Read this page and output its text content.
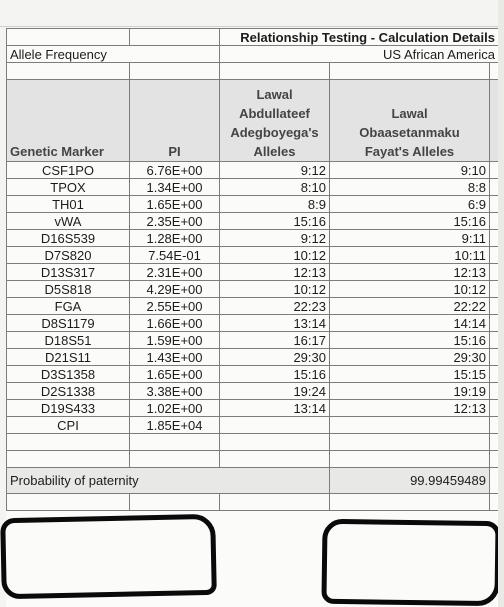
		Relationship Testing - Calculation Details		
Allele Frequency		US African America		

Genetic Marker	PI	Lawal Abdullateef Adegboyega's Alleles	Lawal Obaasetanmaku Fayat's Alleles	
CSF1PO	6.76E+00	9:12	9:10	
TPOX	1.34E+00	8:10	8:8	
TH01	1.65E+00	8:9	6:9	
vWA	2.35E+00	15:16	15:16	
D16S539	1.28E+00	9:12	9:11	
D7S820	7.54E-01	10:12	10:11	
D13S317	2.31E+00	12:13	12:13	
D5S818	4.29E+00	10:12	10:12	
FGA	2.55E+00	22:23	22:22	
D8S1179	1.66E+00	13:14	14:14	
D18S51	1.59E+00	16:17	15:16	
D21S11	1.43E+00	29:30	29:30	
D3S1358	1.65E+00	15:16	15:15	
D2S1338	3.38E+00	19:24	19:19	
D19S433	1.02E+00	13:14	12:13	
CPI	1.85E+04			

Probability of paternity			99.99459489	
